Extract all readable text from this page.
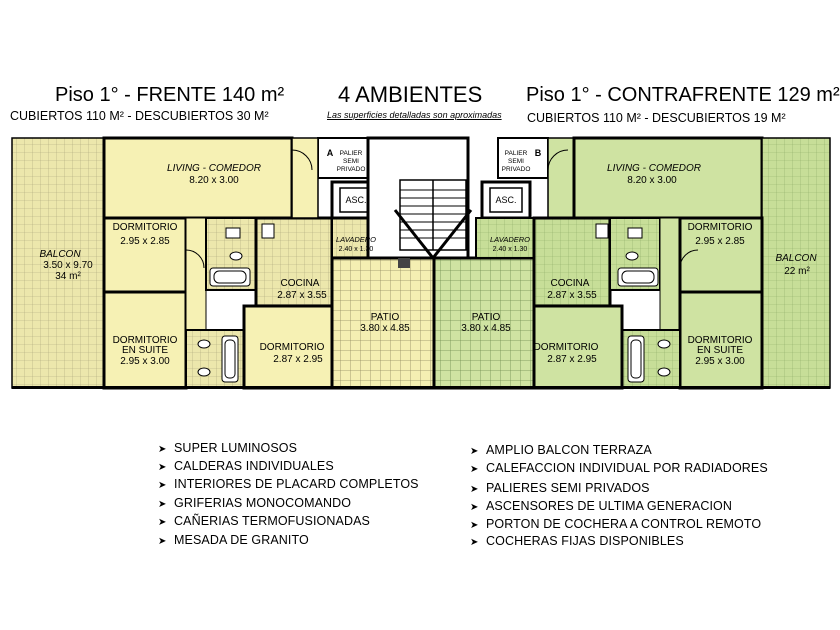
Piso 1° - FRENTE 140 m²
CUBIERTOS 110 M² - DESCUBIERTOS 30 M²
4 AMBIENTES
Las superficies detalladas son aproximadas
Piso 1° - CONTRAFRENTE 129 m²
CUBIERTOS 110 M² - DESCUBIERTOS 19 M²
LIVING - COMEDOR
8.20 x 3.00
BALCON
3.50 x 9.70
34 m²
DORMITORIO
2.95 x 2.85
DORMITORIO
EN SUITE
2.95 x 3.00
COCINA
2.87 x 3.55
DORMITORIO
2.87 x 2.95
LAVADERO
2.40 x 1.30
PATIO
3.80 x 4.85
PALIER
SEMI
PRIVADO
A
ASC.
LIVING - COMEDOR
8.20 x 3.00
BALCON
22 m²
DORMITORIO
2.95 x 2.85
DORMITORIO
EN SUITE
2.95 x 3.00
COCINA
2.87 x 3.55
DORMITORIO
2.87 x 2.95
LAVADERO
2.40 x 1.30
PATIO
3.80 x 4.85
PALIER
SEMI
PRIVADO
B
ASC.
➤ SUPER LUMINOSOS
➤ CALDERAS INDIVIDUALES
➤ INTERIORES DE PLACARD COMPLETOS
➤ GRIFERIAS MONOCOMANDO
➤ CAÑERIAS TERMOFUSIONADAS
➤ MESADA DE GRANITO
➤ AMPLIO BALCON TERRAZA
➤ CALEFACCION INDIVIDUAL POR RADIADORES
➤ PALIERES SEMI PRIVADOS
➤ ASCENSORES DE ULTIMA GENERACION
➤ PORTON DE COCHERA A CONTROL REMOTO
➤ COCHERAS FIJAS DISPONIBLES
